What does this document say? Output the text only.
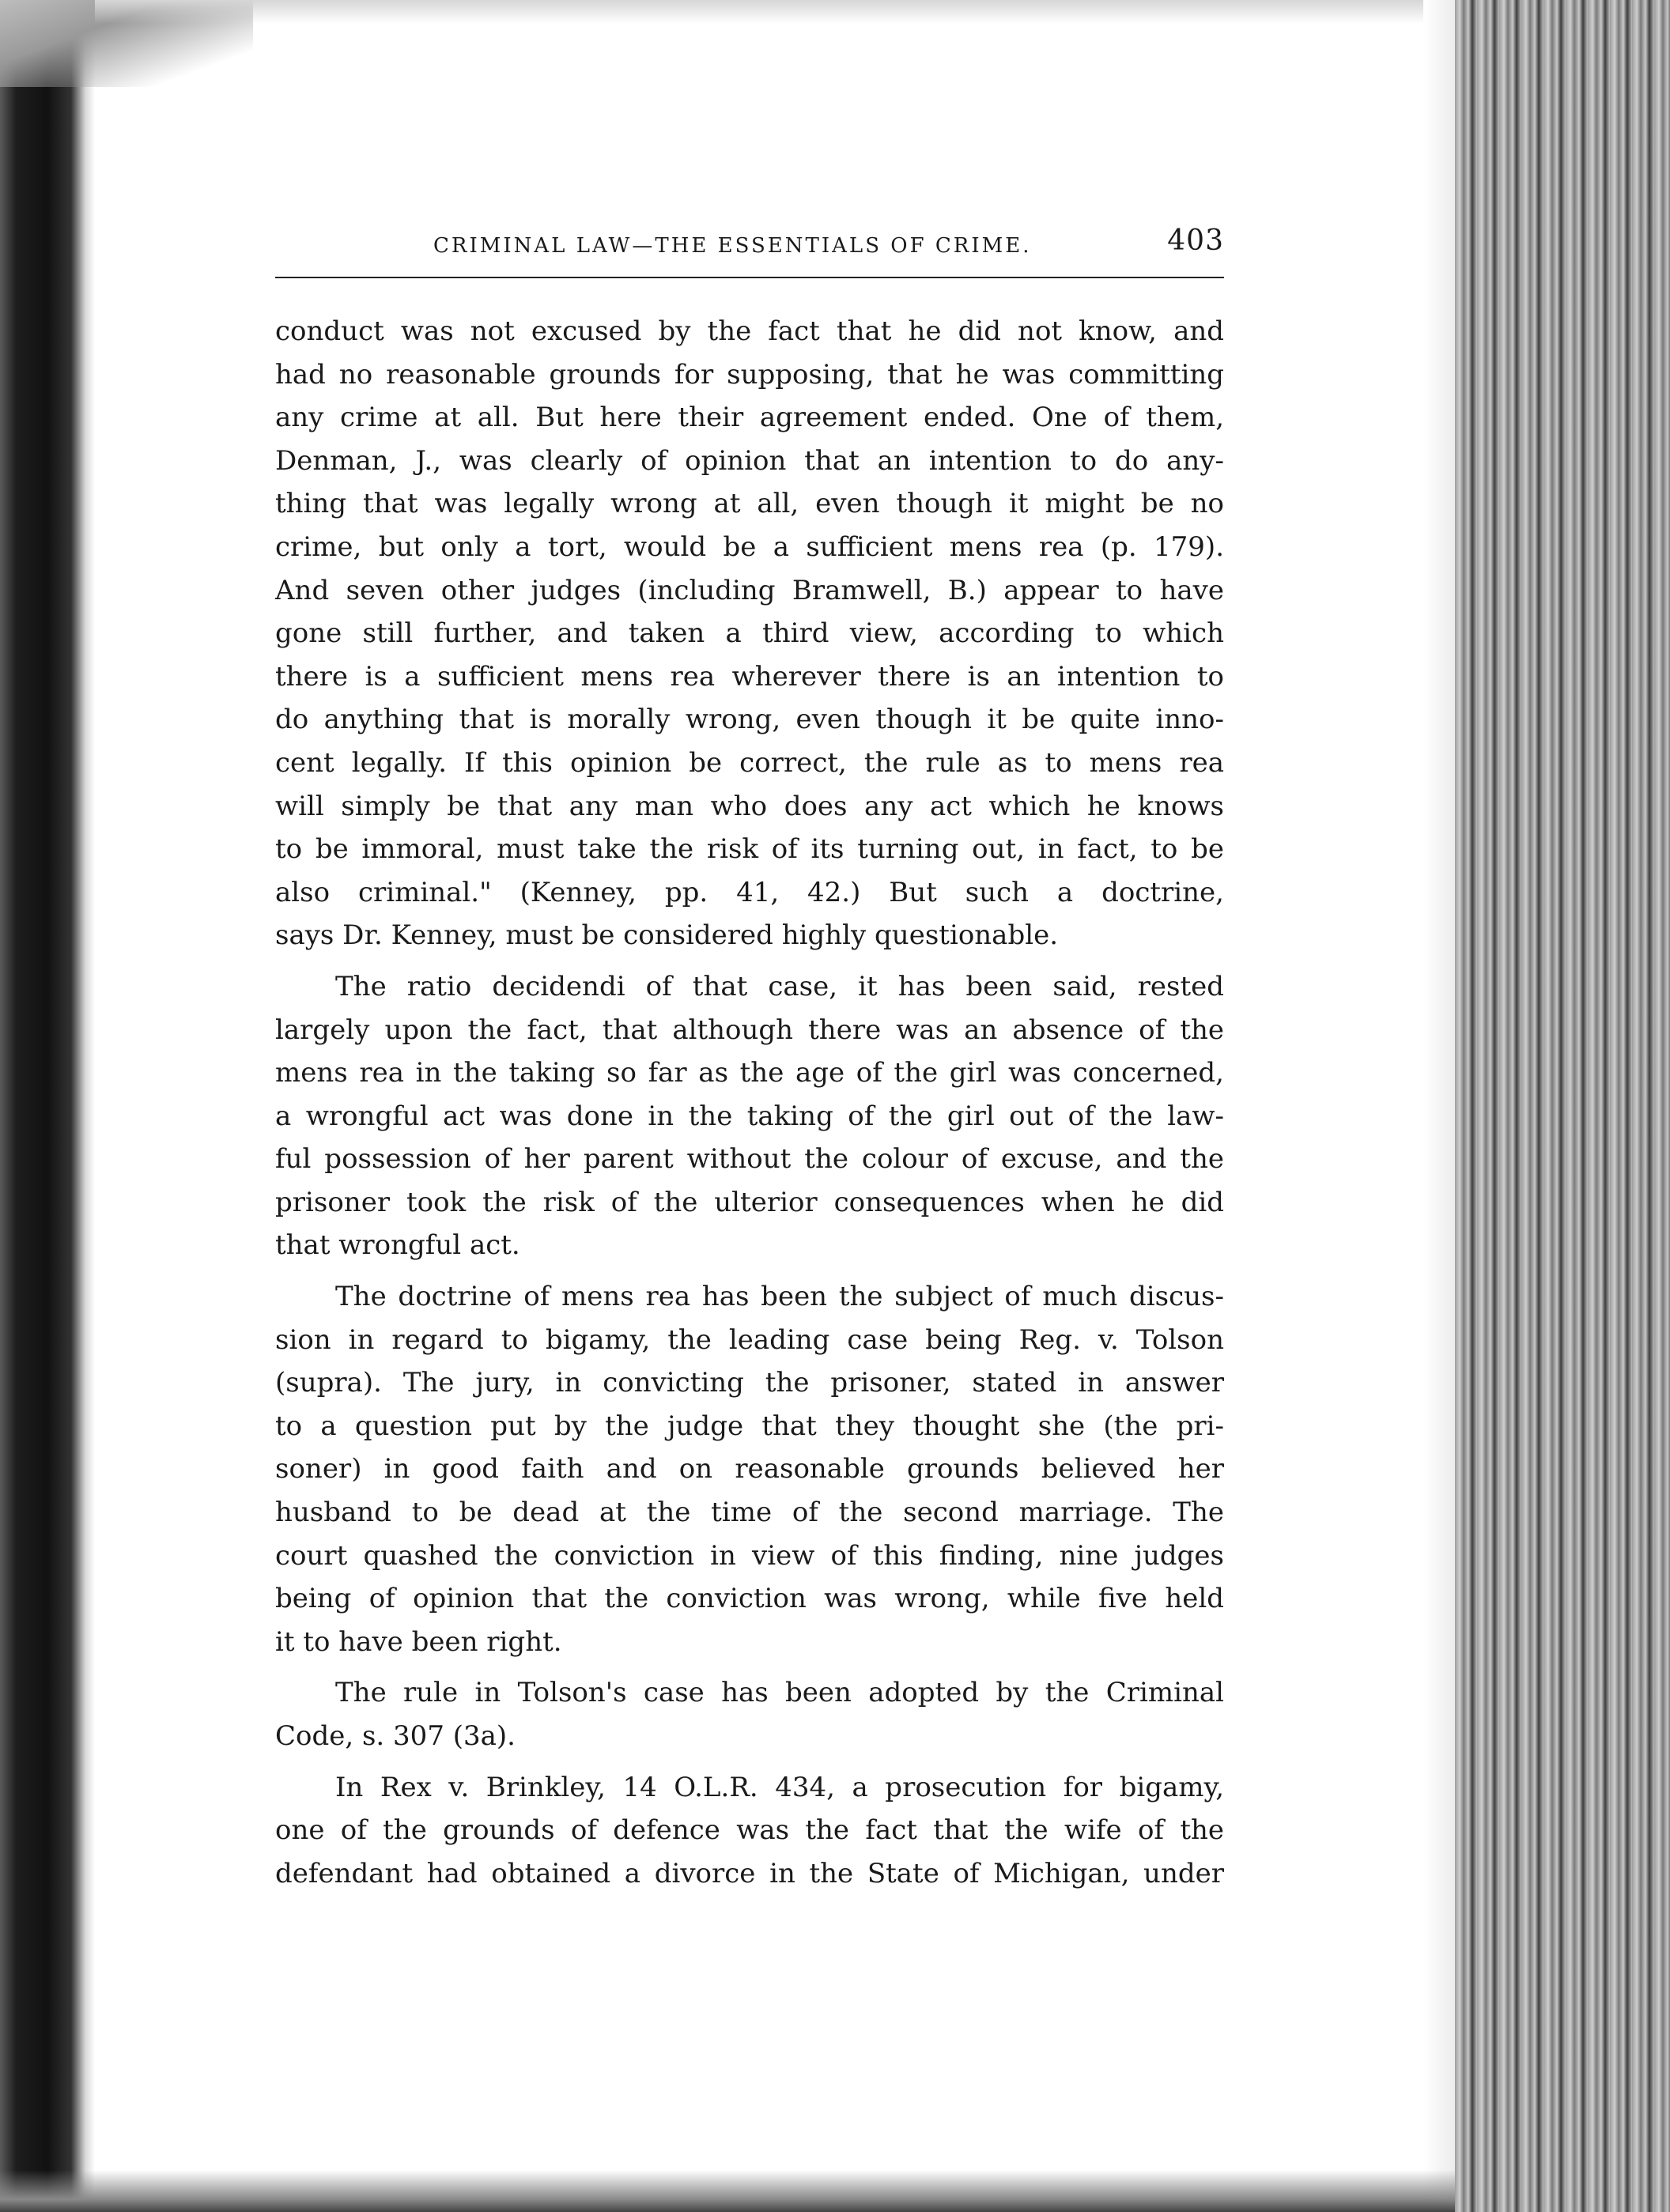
CRIMINAL LAW—THE ESSENTIALS OF CRIME.	403

conduct was not excused by the fact that he did not know, and
had no reasonable grounds for supposing, that he was committing
any crime at all. But here their agreement ended. One of them,
Denman, J., was clearly of opinion that an intention to do any-
thing that was legally wrong at all, even though it might be no
crime, but only a tort, would be a sufficient mens rea (p. 179).
And seven other judges (including Bramwell, B.) appear to have
gone still further, and taken a third view, according to which
there is a sufficient mens rea wherever there is an intention to
do anything that is morally wrong, even though it be quite inno-
cent legally. If this opinion be correct, the rule as to mens rea
will simply be that any man who does any act which he knows
to be immoral, must take the risk of its turning out, in fact, to be
also criminal." (Kenney, pp. 41, 42.) But such a doctrine,
says Dr. Kenney, must be considered highly questionable.

The ratio decidendi of that case, it has been said, rested
largely upon the fact, that although there was an absence of the
mens rea in the taking so far as the age of the girl was concerned,
a wrongful act was done in the taking of the girl out of the law-
ful possession of her parent without the colour of excuse, and the
prisoner took the risk of the ulterior consequences when he did
that wrongful act.

The doctrine of mens rea has been the subject of much discus-
sion in regard to bigamy, the leading case being Reg. v. Tolson
(supra). The jury, in convicting the prisoner, stated in answer
to a question put by the judge that they thought she (the pri-
soner) in good faith and on reasonable grounds believed her
husband to be dead at the time of the second marriage. The
court quashed the conviction in view of this finding, nine judges
being of opinion that the conviction was wrong, while five held
it to have been right.

The rule in Tolson's case has been adopted by the Criminal
Code, s. 307 (3a).

In Rex v. Brinkley, 14 O.L.R. 434, a prosecution for bigamy,
one of the grounds of defence was the fact that the wife of the
defendant had obtained a divorce in the State of Michigan, under
